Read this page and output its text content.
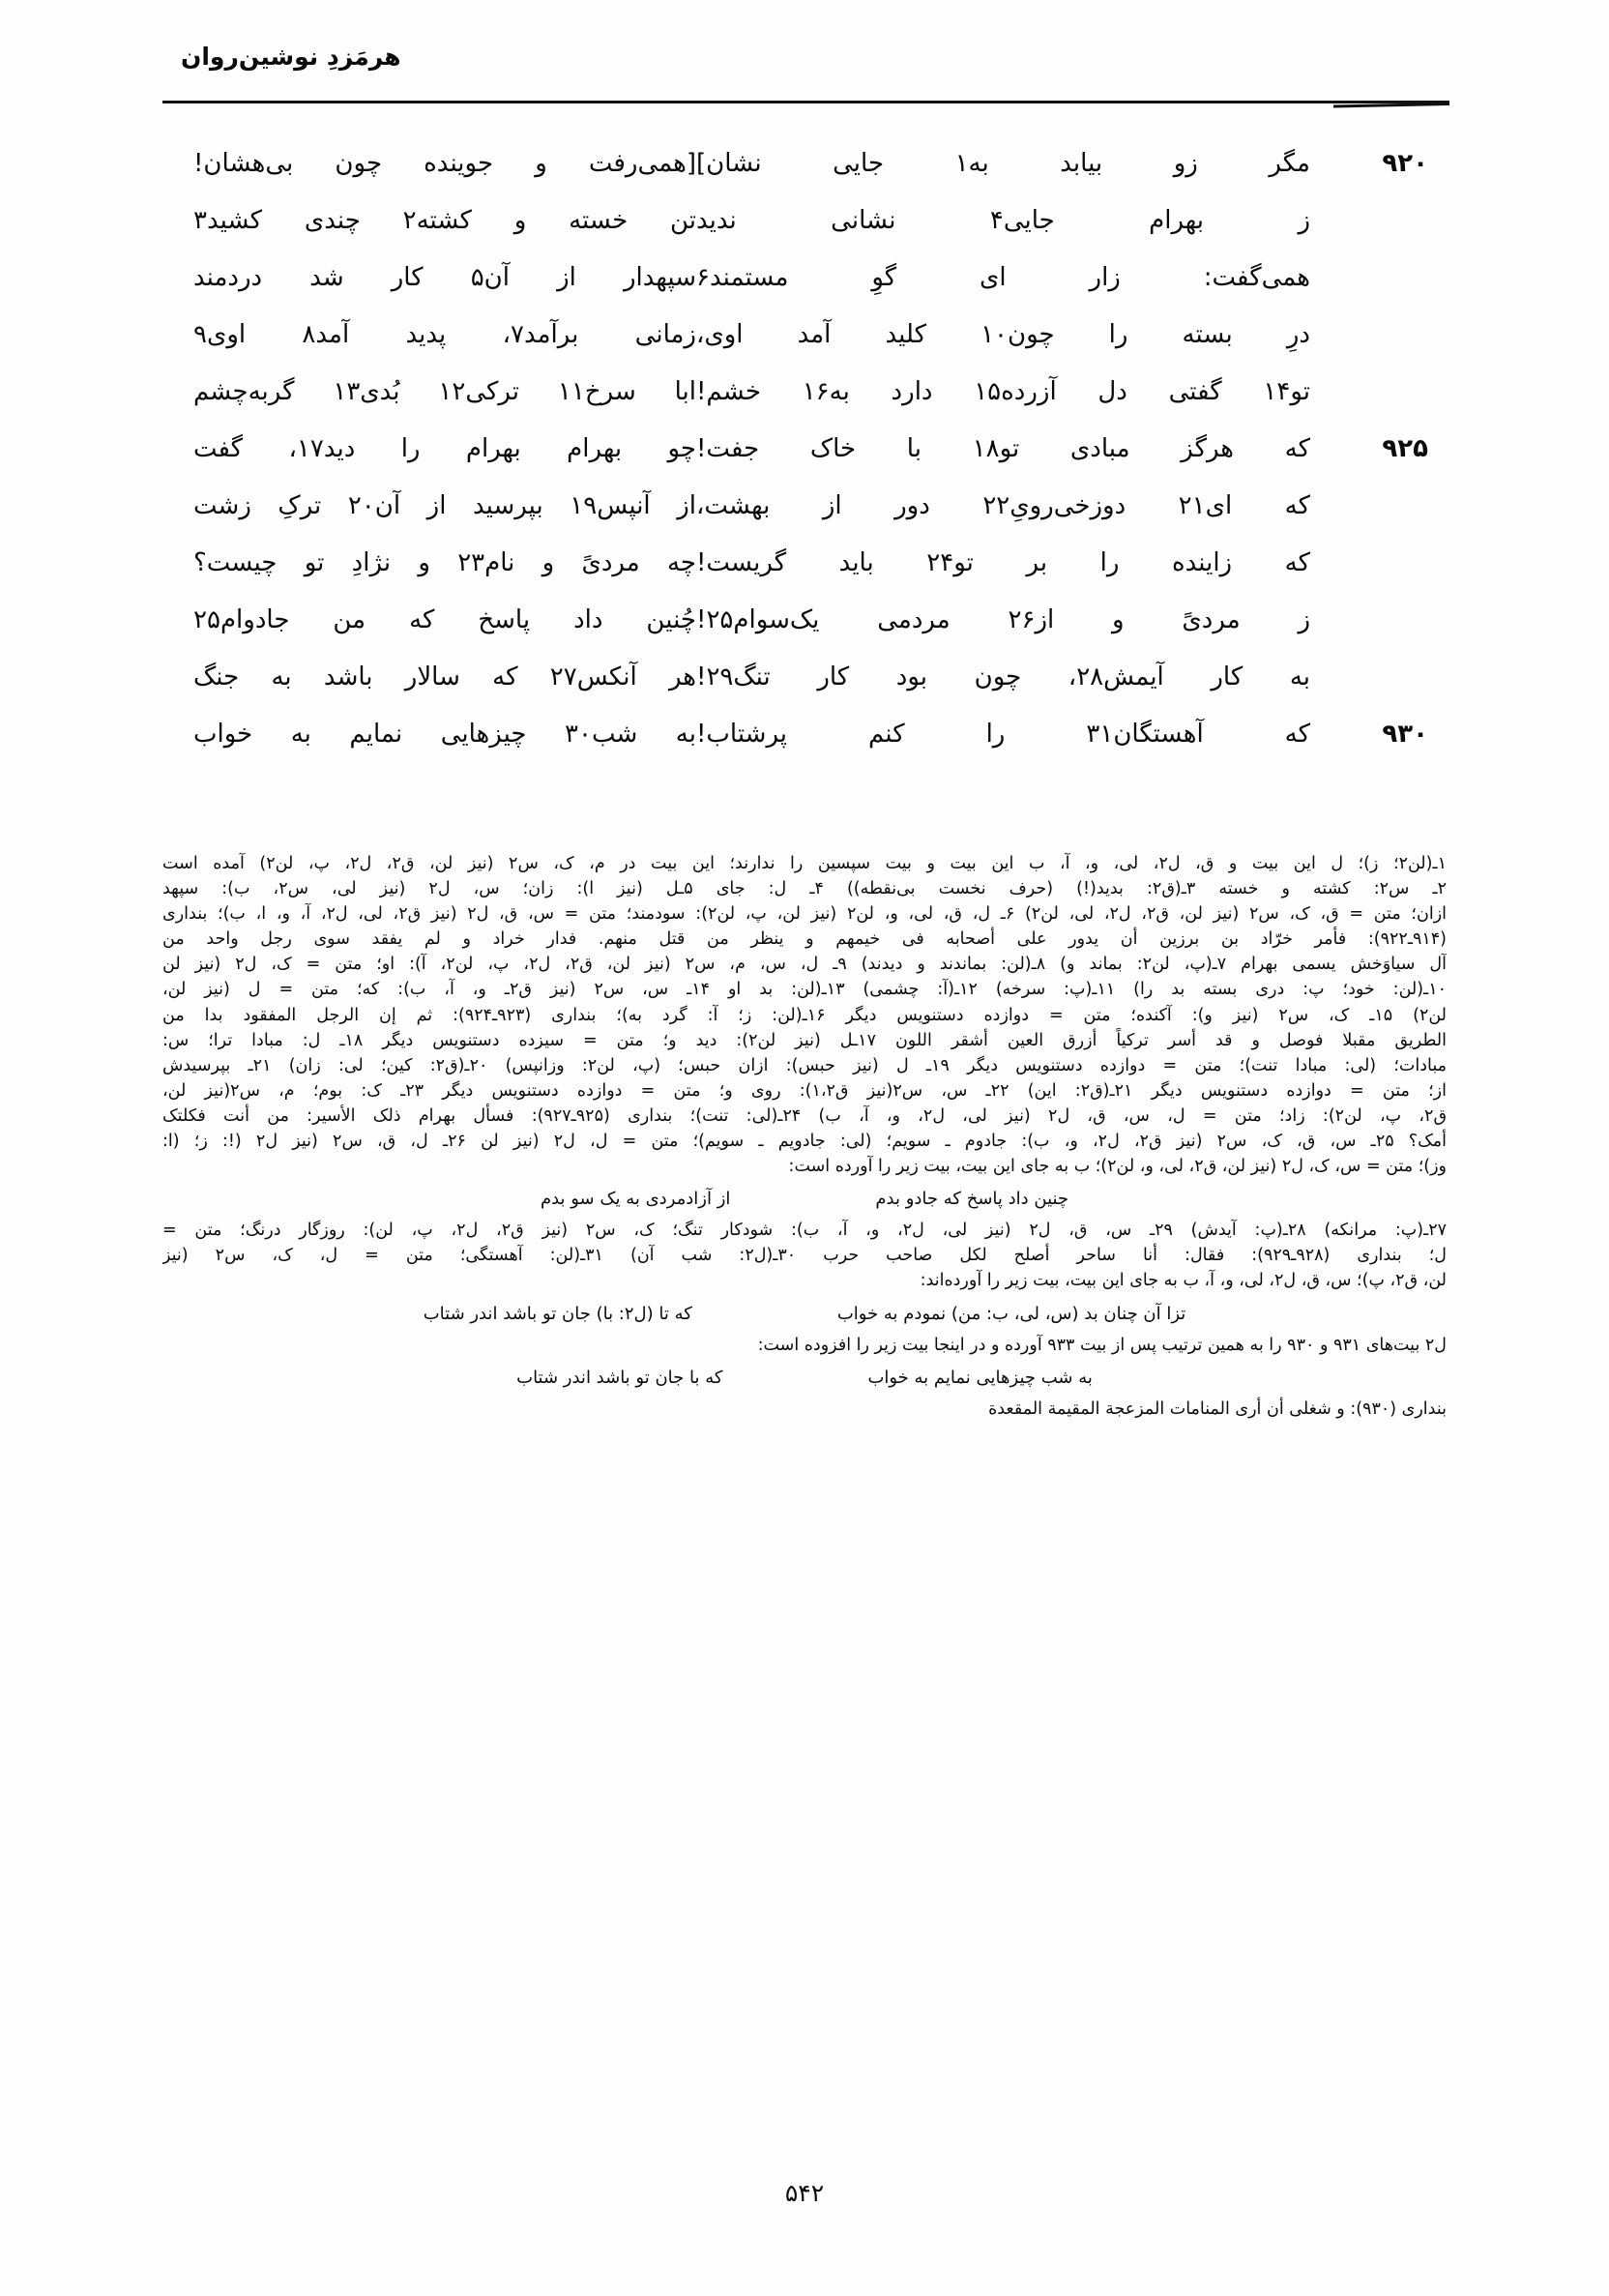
هرمَزدِ نوشین‌روان
۹۲۰
مگر زو بیابد به۱ جایی نشان]
[همی‌رفت و جوینده چون بی‌هشان!
ز بهرام جایی۴ نشانی ندید
تن خسته و کشته۲ چندی کشید۳
همی‌گفت: زار ای گوِ مستمند۶
سپهدار از آن۵ کار شد دردمند
درِ بسته را چون۱۰ کلید آمد اوی،
زمانی برآمد۷، پدید آمد۸ اوی۹
تو۱۴ گفتی دل آزرده۱۵ دارد به۱۶ خشم!
ابا سرخ۱۱ ترکی۱۲ بُدی۱۳ گربه‌چشم
۹۲۵
که هرگز مبادی تو۱۸ با خاک جفت!
چو بهرام بهرام را دید۱۷، گفت
که ای۲۱ دوزخی‌رویِ۲۲ دور از بهشت،
از آنپس۱۹ بپرسید از آن۲۰ ترکِ زشت
که زاینده را بر تو۲۴ باید گریست!
چه مردیً و نام۲۳ و نژادِ تو چیست؟
ز مردیً و از۲۶ مردمی یک‌سوام۲۵!
چُنین داد پاسخ که من جادوام۲۵
به کار آیمش۲۸، چون بود کار تنگ۲۹!
هر آنکس۲۷ که سالار باشد به جنگ
۹۳۰
که آهستگان۳۱ را کنم پرشتاب!
به شب۳۰ چیزهایی نمایم به خواب
۱ـ(لن۲؛ ز)؛ ل این بیت و ق، ل۲، لی، و، آ، ب این بیت و بیت سپسین را ندارند؛ این بیت در م، ک، س۲ (نیز لن، ق۲، ل۲، پ، لن۲) آمده است
۲ـ س۲: کشته و خسته ۳ـ(ق۲: بدید(!) (حرف نخست بی‌نقطه)) ۴ـ ل: جای ۵ـل (نیز ا): زان؛ س، ل۲ (نیز لی، س۲، ب): سپهد
ازان؛ متن = ق، ک، س۲ (نیز لن، ق۲، ل۲، لی، لن۲) ۶ـ ل، ق، لی، و، لن۲ (نیز لن، پ، لن۲): سودمند؛ متن = س، ق، ل۲ (نیز ق۲، لی، ل۲، آ، و، ا، ب)؛ بنداری
(۹۱۴ـ۹۲۲): فأمر خرّاد بن برزین أن یدور علی أصحابه فی خیمهم و ینظر من قتل منهم. فدار خراد و لم یفقد سوی رجل واحد من
آل سیاوَخش یسمی بهرام ۷ـ(پ، لن۲: بماند و) ۸ـ(لن: بماندند و دیدند) ۹ـ ل، س، م، س۲ (نیز لن، ق۲، ل۲، پ، لن۲، آ): او؛ متن = ک، ل۲ (نیز لن
۱۰ـ(لن: خود؛ پ: دری بسته بد را) ۱۱ـ(پ: سرخه) ۱۲ـ(آ: چشمی) ۱۳ـ(لن: بد او ۱۴ـ س، س۲ (نیز ق۲ـ و، آ، ب): که؛ متن = ل (نیز لن،
لن۲) ۱۵ـ ک، س۲ (نیز و): آکنده؛ متن = دوازده دستنویس دیگر ۱۶ـ(لن: ز؛ آ: گرد به)؛ بنداری (۹۲۳ـ۹۲۴): ثم إن الرجل المفقود بدا من
الطریق مقبلا فوصل و قد أسر ترکیاً أزرق العین أشقر اللون ۱۷ـل (نیز لن۲): دید و؛ متن = سیزده دستنویس دیگر ۱۸ـ ل: مبادا ترا؛ س:
مبادات؛ (لی: مبادا تنت)؛ متن = دوازده دستنویس دیگر ۱۹ـ ل (نیز حبس): ازان حبس؛ (پ، لن۲: وزانپس) ۲۰ـ(ق۲: کین؛ لی: زان) ۲۱ـ بپرسیدش
از؛ متن = دوازده دستنویس دیگر ۲۱ـ(ق۲: این) ۲۲ـ س، س۲(نیز ق۱،۲): روی و؛ متن = دوازده دستنویس دیگر ۲۳ـ ک: بوم؛ م، س۲(نیز لن،
ق۲، پ، لن۲): زاد؛ متن = ل، س، ق، ل۲ (نیز لی، ل۲، و، آ، ب) ۲۴ـ(لی: تنت)؛ بنداری (۹۲۵ـ۹۲۷): فسأل بهرام ذلک الأسیر: من أنت فکلتک
أمک؟ ۲۵ـ س، ق، ک، س۲ (نیز ق۲، ل۲، و، ب): جادوم ـ سویم؛ (لی: جادویم ـ سویم)؛ متن = ل، ل۲ (نیز لن ۲۶ـ ل، ق، س۲ (نیز ل۲ (!: ز؛ (ا:
وز)؛ متن = س، ک، ل۲ (نیز لن، ق۲، لی، و، لن۲)؛ ب به جای این بیت، بیت زیر را آورده است:
چنین داد پاسخ که جادو بدم
از آزادمردی به یک سو بدم
۲۷ـ(پ: مرانکه) ۲۸ـ(پ: آیدش) ۲۹ـ س، ق، ل۲ (نیز لی، ل۲، و، آ، ب): شودکار تنگ؛ ک، س۲ (نیز ق۲، ل۲، پ، لن): روزگار درنگ؛ متن =
ل؛ بنداری (۹۲۸ـ۹۲۹): فقال: أنا ساحر أصلح لکل صاحب حرب ۳۰ـ(ل۲: شب آن) ۳۱ـ(لن: آهستگی؛ متن = ل، ک، س۲ (نیز
لن، ق۲، پ)؛ س، ق، ل۲، لی، و، آ، ب به جای این بیت، بیت زیر را آورده‌اند:
تزا آن چنان بد (س، لی، ب: من) نمودم به خواب
که تا (ل۲: با) جان تو باشد اندر شتاب
ل۲ بیت‌های ۹۳۱ و ۹۳۰ را به همین ترتیب پس از بیت ۹۳۳ آورده و در اینجا بیت زیر را افزوده است:
به شب چیزهایی نمایم به خواب
که با جان تو باشد اندر شتاب
بنداری (۹۳۰): و شغلی أن أُری المنامات المزعجة المقیمة المقعدة
۵۴۲
